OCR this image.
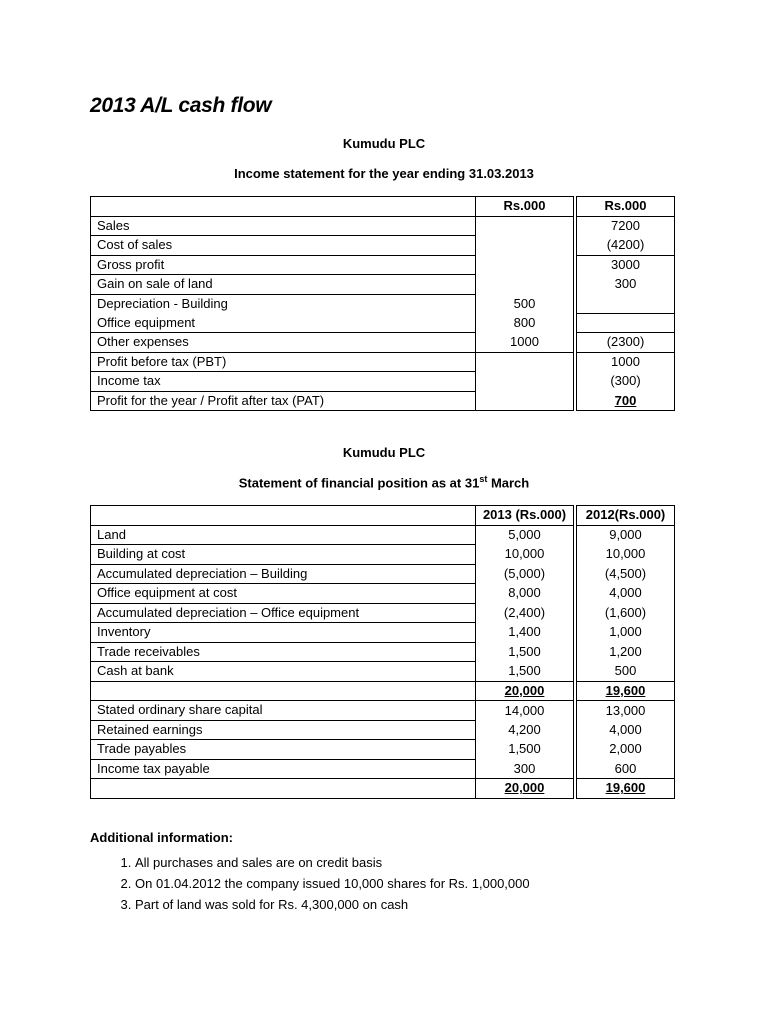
2013 A/L cash flow

Kumudu PLC

Income statement for the year ending 31.03.2013

	Rs.000		Rs.000
Sales			7200
Cost of sales			(4200)
Gross profit			3000
Gain on sale of land			300
Depreciation - Building	500		
Office equipment	800		
Other expenses	1000		(2300)
Profit before tax (PBT)			1000
Income tax			(300)
Profit for the year / Profit after tax (PAT)			700

Kumudu PLC

Statement of financial position as at 31st March

	2013 (Rs.000)		2012(Rs.000)
Land	5,000		9,000
Building at cost	10,000		10,000
Accumulated depreciation – Building	(5,000)		(4,500)
Office equipment at cost	8,000		4,000
Accumulated depreciation – Office equipment	(2,400)		(1,600)
Inventory	1,400		1,000
Trade receivables	1,500		1,200
Cash at bank	1,500		500
	20,000		19,600
Stated ordinary share capital	14,000		13,000
Retained earnings	4,200		4,000
Trade payables	1,500		2,000
Income tax payable	300		600
	20,000		19,600

Additional information:

1. All purchases and sales are on credit basis
2. On 01.04.2012 the company issued 10,000 shares for Rs. 1,000,000
3. Part of land was sold for Rs. 4,300,000 on cash
